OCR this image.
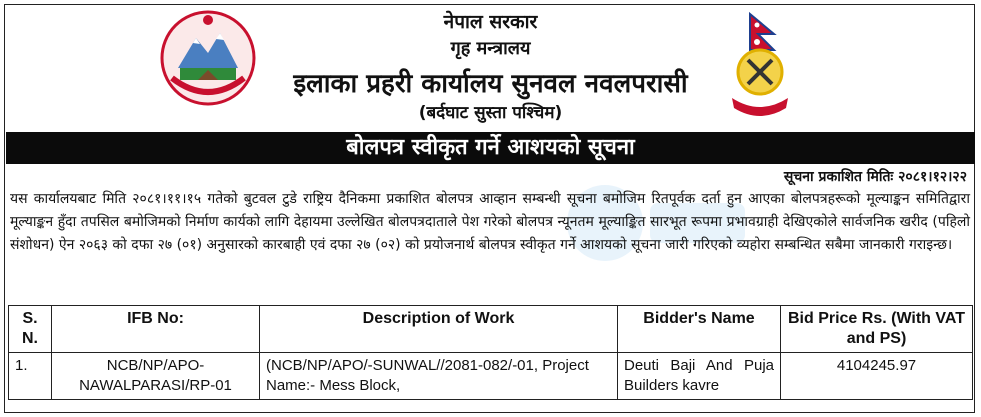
नेपाल सरकार
गृह मन्त्रालय
इलाका प्रहरी कार्यालय सुनवल नवलपरासी
(बर्दघाट सुस्ता पश्चिम)
बोलपत्र स्वीकृत गर्ने आशयको सूचना
सूचना प्रकाशित मितिः २०८१।१२।२२
यस कार्यालयबाट मिति २०८१।११।१५ गतेको बुटवल टुडे राष्ट्रिय दैनिकमा प्रकाशित बोलपत्र आव्हान सम्बन्धी सूचना बमोजिम रितपूर्वक दर्ता हुन आएका बोलपत्रहरूको मूल्याङ्कन समितिद्वारा मूल्याङ्कन हुँदा तपसिल बमोजिमको निर्माण कार्यको लागि देहायमा उल्लेखित बोलपत्रदाताले पेश गरेको बोलपत्र न्यूनतम मूल्याङ्कित सारभूत रूपमा प्रभावग्राही देखिएकोले सार्वजनिक खरीद (पहिलो संशोधन) ऐन २०६३ को दफा २७ (०१) अनुसारको कारबाही एवं दफा २७ (०२) को प्रयोजनार्थ बोलपत्र स्वीकृत गर्ने आशयको सूचना जारी गरिएको व्यहोरा सम्बन्धित सबैमा जानकारी गराइन्छ।
S. N.	IFB No:	Description of Work	Bidder's Name	Bid Price Rs. (With VAT and PS)
1.	NCB/NP/APO-NAWALPARASI/RP-01	(NCB/NP/APO/-SUNWAL//2081-082/-01, Project Name:- Mess Block,	Deuti Baji And Puja Builders kavre	4104245.97
